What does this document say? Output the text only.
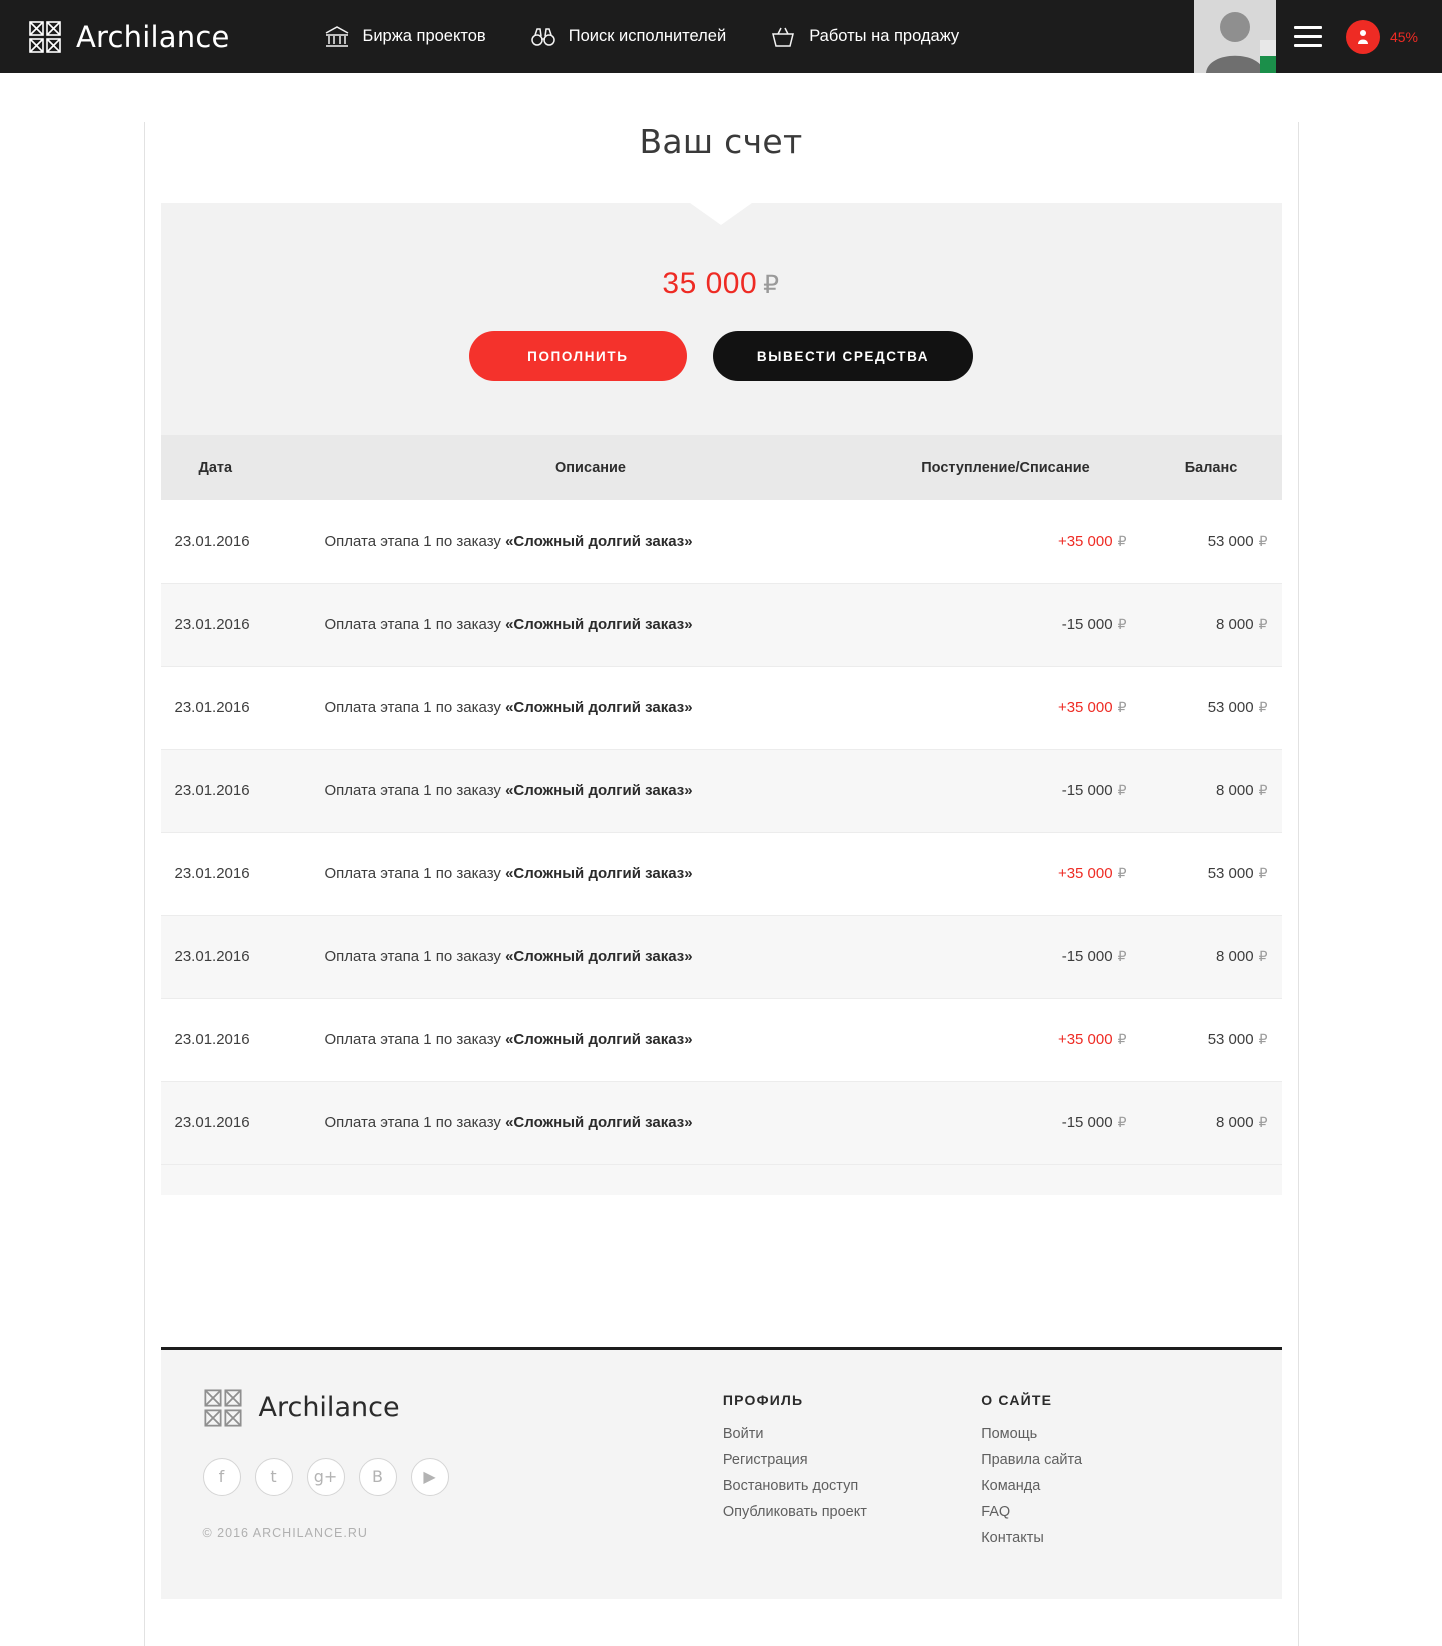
Archilance	Биржа проектов	Поиск исполнителей	Работы на продажу	45%
Ваш счет
35 000 ₽
ПОПОЛНИТЬ	ВЫВЕСТИ СРЕДСТВА
Дата	Описание	Поступление/Списание	Баланс
23.01.2016	Оплата этапа 1 по заказу «Сложный долгий заказ»	+35 000 ₽	53 000 ₽
23.01.2016	Оплата этапа 1 по заказу «Сложный долгий заказ»	-15 000 ₽	8 000 ₽
23.01.2016	Оплата этапа 1 по заказу «Сложный долгий заказ»	+35 000 ₽	53 000 ₽
23.01.2016	Оплата этапа 1 по заказу «Сложный долгий заказ»	-15 000 ₽	8 000 ₽
23.01.2016	Оплата этапа 1 по заказу «Сложный долгий заказ»	+35 000 ₽	53 000 ₽
23.01.2016	Оплата этапа 1 по заказу «Сложный долгий заказ»	-15 000 ₽	8 000 ₽
23.01.2016	Оплата этапа 1 по заказу «Сложный долгий заказ»	+35 000 ₽	53 000 ₽
23.01.2016	Оплата этапа 1 по заказу «Сложный долгий заказ»	-15 000 ₽	8 000 ₽
Archilance
f	t	g+	B	▶
© 2016 ARCHILANCE.RU
ПРОФИЛЬ
Войти
Регистрация
Востановить доступ
Опубликовать проект
О САЙТЕ
Помощь
Правила сайта
Команда
FAQ
Контакты
